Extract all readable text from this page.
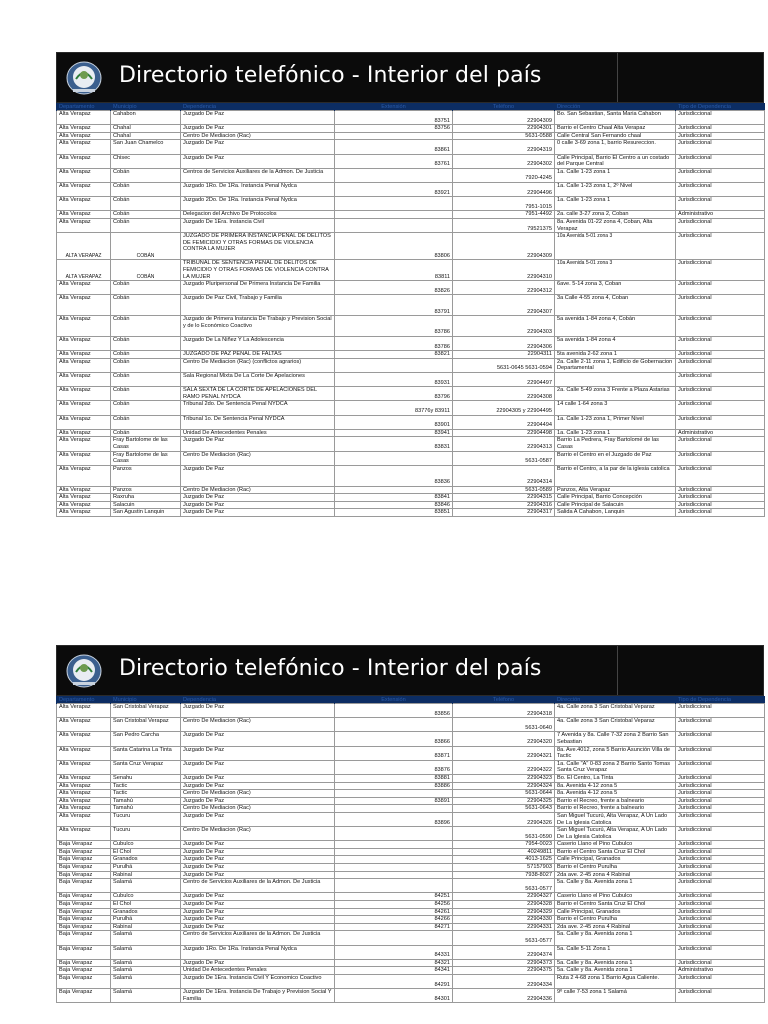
Directorio telefónico - Interior del país
Departamento	Municipio	Dependencia	Extensión	Teléfono	Dirección	Tipo de Dependencia
Alta Verapaz	Cahabon	Juzgado De Paz	83751	22904309	Bo. San Sebastian, Santa Maria Cahabon	Jurisdiccional
Alta Verapaz	Chahal	Juzgado De Paz	83756	22904301	Barrio el Centro Chaal Alta Verapaz	Jurisdiccional
Alta Verapaz	Chahal	Centro De Mediacion (Rac)		5631-0588	Calle Central San Fernando chaal	Jurisdiccional
Alta Verapaz	San Juan Chamelco	Juzgado De Paz	83861	22904319	0 calle 3-69 zona 1, barrio Resureccion.	Jurisdiccional
Alta Verapaz	Chisec	Juzgado De Paz	83761	22904302	Calle Principal, Barrio El Centro a un costado del Parque Central	Jurisdiccional
Alta Verapaz	Cobán	Centros de Servicios Auxiliares de la Admon. De Justicia		7920-4245	1a. Calle 1-23 zona 1	Jurisdiccional
Alta Verapaz	Cobán	Juzgado 1Ro. De 1Ra. Instancia Penal Nydca	83921	22904496	1a. Calle 1-23 zona 1, 2º Nivel	Jurisdiccional
Alta Verapaz	Cobán	Juzgado 2Do. De 1Ra. Instancia Penal Nydca		7951-1015	1a. Calle 1-23 zona 1	Jurisdiccional
Alta Verapaz	Cobán	Delegacion del Archivo De Protocolos		7951-4492	2a. calle 3-27 zona 2, Coban	Administrativo
Alta Verapaz	Cobán	Juzgado De 1Era. Instancia Civil		79521375	8a. Avenida 01-22 zona 4, Coban, Alta Verapaz	Jurisdiccional
ALTA VERAPAZ	COBÁN	JUZGADO DE PRIMERA INSTANCIA PENAL DE DELITOS DE FEMICIDIO Y OTRAS FORMAS DE VIOLENCIA CONTRA LA MUJER	83806	22904309	10a Avenida 5-01 zona 3	Jurisdiccional
ALTA VERAPAZ	COBÁN	TRIBUNAL DE SENTENCIA PENAL DE DELITOS DE FEMICIDIO Y OTRAS FORMAS DE VIOLENCIA CONTRA LA MUJER	83811	22904310	10a Avenida 5-01 zona 3	Jurisdiccional
Alta Verapaz	Cobán	Juzgado Pluripersonal De Primera Instancia De Familia	83826	22904312	6ave. 5-14 zona 3, Coban	Jurisdiccional
Alta Verapaz	Cobán	Juzgado De Paz Civil, Trabajo y Familia	83791	22904307	3a Calle 4-55 zona 4, Coban	Jurisdiccional
Alta Verapaz	Cobán	Juzgado de Primera Instancia De Trabajo y Prevision Social y de lo Económico Coactivo	83786	22904303	5a avenida 1-84 zona 4, Cobán	Jurisdiccional
Alta Verapaz	Cobán	Juzgado De La Niñez Y La Adolescencia	83786	22904306	5a avenida 1-84 zona 4	Jurisdiccional
Alta Verapaz	Cobán	JUZGADO DE PAZ PENAL DE FALTAS	83821	22904311	5ta avenida 2-62 zona 1	Jurisdiccional
Alta Verapaz	Cobán	Centro De Mediacion (Rac) (conflictos agrarios)		5631-0645 5631-0594	2a. Calle 2-11 zona 1, Edificio de Gobernacion Departamental	Jurisdiccional
Alta Verapaz	Cobán	Sala Regional Mixta De La Corte De Apelaciones	83931	22904497		Jurisdiccional
Alta Verapaz	Cobán	SALA SEXTA DE LA CORTE DE APELACIONES DEL RAMO PENAL NYDCA	83796	22904308	2a. Calle 5-49 zona 3 Frente a Plaza Astarias	Jurisdiccional
Alta Verapaz	Cobán	Tribunal 2do. De Sentencia Penal NYDCA	83776y 83911	22904305 y 22904495	14 calle 1-64 zona 3	Jurisdiccional
Alta Verapaz	Cobán	Tribunal 1o. De Sentencia Penal NYDCA	83901	22904494	1a. Calle 1-23 zona 1, Primer Nivel	Jurisdiccional
Alta Verapaz	Cobán	Unidad De Antecedentes Penales	83941	22904498	1a. Calle 1-23 zona 1	Administrativo
Alta Verapaz	Fray Bartolome de las Casas	Juzgado De Paz	83831	22904313	Barrio La Pedrera, Fray Bartolomé de las Casas	Jurisdiccional
Alta Verapaz	Fray Bartolome de las Casas	Centro De Mediacion (Rac)		5631-0587	Barrio el Centro en el Juzgado de Paz	Jurisdiccional
Alta Verapaz	Panzos	Juzgado De Paz	83836	22904314	Barrio el Centro, a la par de la iglesia catolica	Jurisdiccional
Alta Verapaz	Panzos	Centro De Mediacion (Rac)		5631-0589	Panzos, Alta Verapaz	Jurisdiccional
Alta Verapaz	Raxruha	Juzgado De Paz	83841	22904315	Calle Principal, Barrio Concepción	Jurisdiccional
Alta Verapaz	Salacuin	Juzgado De Paz	83846	22904316	Calle Principal de Salacuin	Jurisdiccional
Alta Verapaz	San Agustin Lanquin	Juzgado De Paz	83851	22904317	Salida A Cahabon, Lanquin	Jurisdiccional
Directorio telefónico - Interior del país
Departamento	Municipio	Dependencia	Extensión	Teléfono	Dirección	Tipo de Dependencia
Alta Verapaz	San Cristobal Verapaz	Juzgado De Paz	83856	22904318	4a. Calle zona 3 San Cristobal Veparaz	Jurisdiccional
Alta Verapaz	San Cristobal Verapaz	Centro De Mediacion (Rac)		5631-0640	4a. Calle zona 3 San Cristobal Veparaz	Jurisdiccional
Alta Verapaz	San Pedro Carcha	Juzgado De Paz	83866	22904320	7 Avenida y 8a. Calle 7-32 zona 2 Barrio San Sebastian	Jurisdiccional
Alta Verapaz	Santa Catarina La Tinta	Juzgado De Paz	83871	22904321	8a. Ave.4012, zona 5 Barrio Asunción Villa de Tactic	Jurisdiccional
Alta Verapaz	Santa Cruz Verapaz	Juzgado De Paz	83876	22904322	1a. Calle "A" 0-83 zona 2 Barrio Santo Tomas Santa Cruz Verapaz	Jurisdiccional
Alta Verapaz	Senahu	Juzgado De Paz	83881	22904323	Bo. El Centro, La Tinta	Jurisdiccional
Alta Verapaz	Tactic	Juzgado De Paz	83886	22904324	8a. Avenida 4-12 zona 5	Jurisdiccional
Alta Verapaz	Tactic	Centro De Mediacion (Rac)		5631-0644	8a. Avenida 4-12 zona 5	Jurisdiccional
Alta Verapaz	Tamahú	Juzgado De Paz	83891	22904325	Barrio el Recreo, frente a balneario	Jurisdiccional
Alta Verapaz	Tamahú	Centro De Mediacion (Rac)		5631-0643	Barrio el Recreo, frente a balneario	Jurisdiccional
Alta Verapaz	Tucuru	Juzgado De Paz	83896	22904326	San Miguel Tucurú, Alta Verapaz, A Un Lado De La Iglesia Catolica	Jurisdiccional
Alta Verapaz	Tucuru	Centro De Mediacion (Rac)		5631-0590	San Miguel Tucurú, Alta Verapaz, A Un Lado De La Iglesia Catolica	Jurisdiccional
Baja Verapaz	Cubulco	Juzgado De Paz		7954-0023	Caserio Llano el Pino Cubulco	Jurisdiccional
Baja Verapaz	El Chol	Juzgado De Paz		40249811	Barrio el Centro Santa Cruz El Chol	Jurisdiccional
Baja Verapaz	Granados	Juzgado De Paz		4013-1625	Calle Principal, Granados	Jurisdiccional
Baja Verapaz	Purulhá	Juzgado De Paz		57157903	Barrio el Centro Purulha	Jurisdiccional
Baja Verapaz	Rabinal	Juzgado De Paz		7938-8027	2da ave. 2-45 zona 4 Rabinal	Jurisdiccional
Baja Verapaz	Salamá	Centro de Servicios Auxiliares de la Admon. De Justicia		5631-0577	5a. Calle y 8a. Avenida zona 1	Jurisdiccional
Baja Verapaz	Cubulco	Juzgado De Paz	84251	22904327	Caserio Llano el Pino Cubulco	Jurisdiccional
Baja Verapaz	El Chol	Juzgado De Paz	84256	22904328	Barrio el Centro Santa Cruz El Chol	Jurisdiccional
Baja Verapaz	Granados	Juzgado De Paz	84261	22904329	Calle Principal, Granados	Jurisdiccional
Baja Verapaz	Purulhá	Juzgado De Paz	84266	22904330	Barrio el Centro Purulha	Jurisdiccional
Baja Verapaz	Rabinal	Juzgado De Paz	84271	22904331	2da ave. 2-45 zona 4 Rabinal	Jurisdiccional
Baja Verapaz	Salamá	Centro de Servicios Auxiliares de la Admon. De Justicia		5631-0577	5a. Calle y 8a. Avenida zona 1	Jurisdiccional
Baja Verapaz	Salamá	Juzgado 1Ro. De 1Ra. Instancia Penal Nydca	84331	22904374	5a. Calle 5-11 Zona 1	Jurisdiccional
Baja Verapaz	Salamá	Juzgado De Paz	84321	22904373	5a. Calle y 8a. Avenida zona 1	Jurisdiccional
Baja Verapaz	Salamá	Unidad De Antecedentes Penales	84341	22904375	5a. Calle y 8a. Avenida zona 1	Administrativo
Baja Verapaz	Salamá	Juzgado De 1Era. Instancia Civil Y Economico Coactivo	84291	22904334	Ruta 2 4-68 zona 1 Barrio Agua Caliente.	Jurisdiccional
Baja Verapaz	Salamá	Juzgado De 1Era. Instancia De Trabajo y Prevision Social Y Familia	84301	22904336	9º calle 7-53 zona 1 Salamá	Jurisdiccional
